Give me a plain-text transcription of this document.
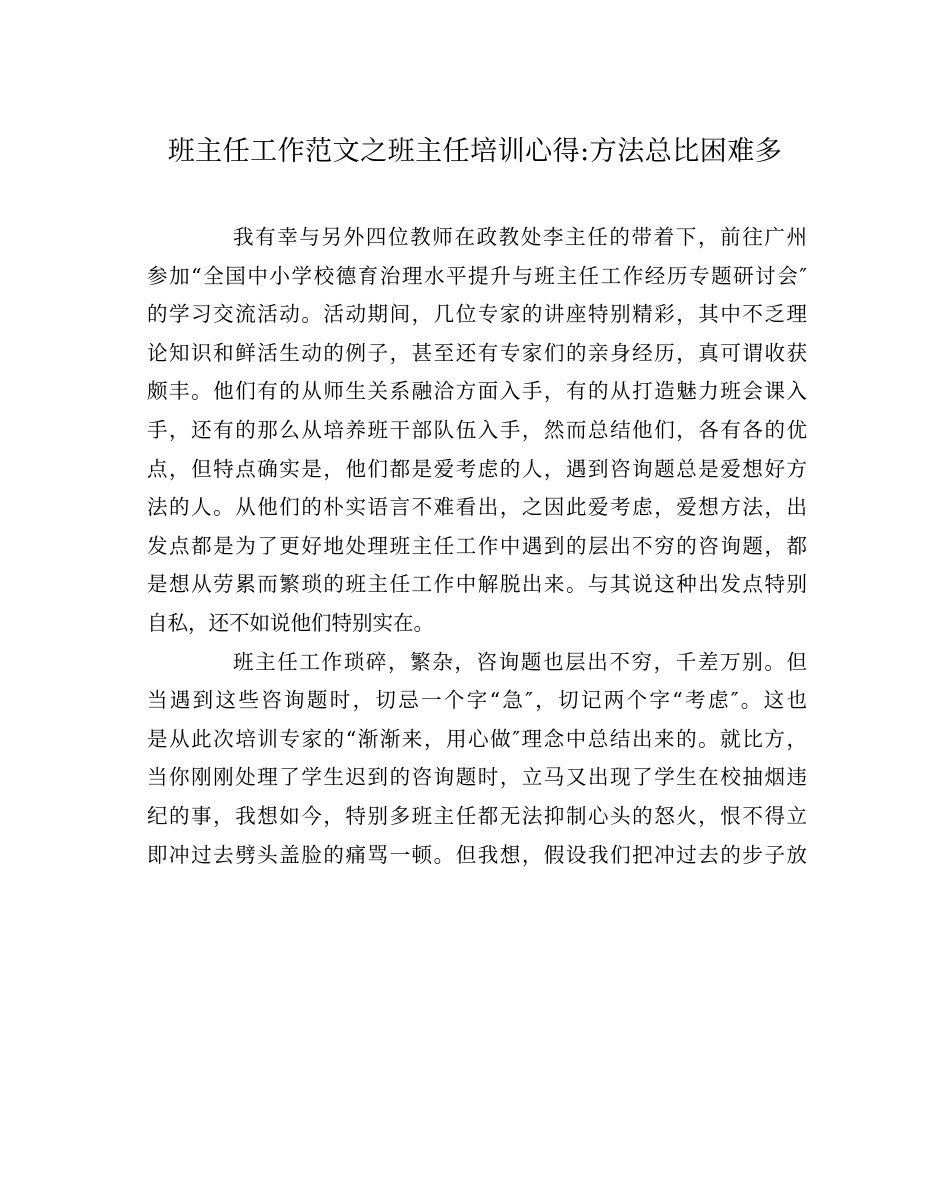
班主任工作范文之班主任培训心得:方法总比困难多
我有幸与另外四位教师在政教处李主任的带着下，前往广州
参加“全国中小学校德育治理水平提升与班主任工作经历专题研讨会″
的学习交流活动。活动期间，几位专家的讲座特别精彩，其中不乏理
论知识和鲜活生动的例子，甚至还有专家们的亲身经历，真可谓收获
颇丰。他们有的从师生关系融洽方面入手，有的从打造魅力班会课入
手，还有的那么从培养班干部队伍入手，然而总结他们，各有各的优
点，但特点确实是，他们都是爱考虑的人，遇到咨询题总是爱想好方
法的人。从他们的朴实语言不难看出，之因此爱考虑，爱想方法，出
发点都是为了更好地处理班主任工作中遇到的层出不穷的咨询题，都
是想从劳累而繁琐的班主任工作中解脱出来。与其说这种出发点特别
自私，还不如说他们特别实在。
班主任工作琐碎，繁杂，咨询题也层出不穷，千差万别。但
当遇到这些咨询题时，切忌一个字“急″，切记两个字“考虑″。这也
是从此次培训专家的“渐渐来，用心做″理念中总结出来的。就比方，
当你刚刚处理了学生迟到的咨询题时，立马又出现了学生在校抽烟违
纪的事，我想如今，特别多班主任都无法抑制心头的怒火，恨不得立
即冲过去劈头盖脸的痛骂一顿。但我想，假设我们把冲过去的步子放
